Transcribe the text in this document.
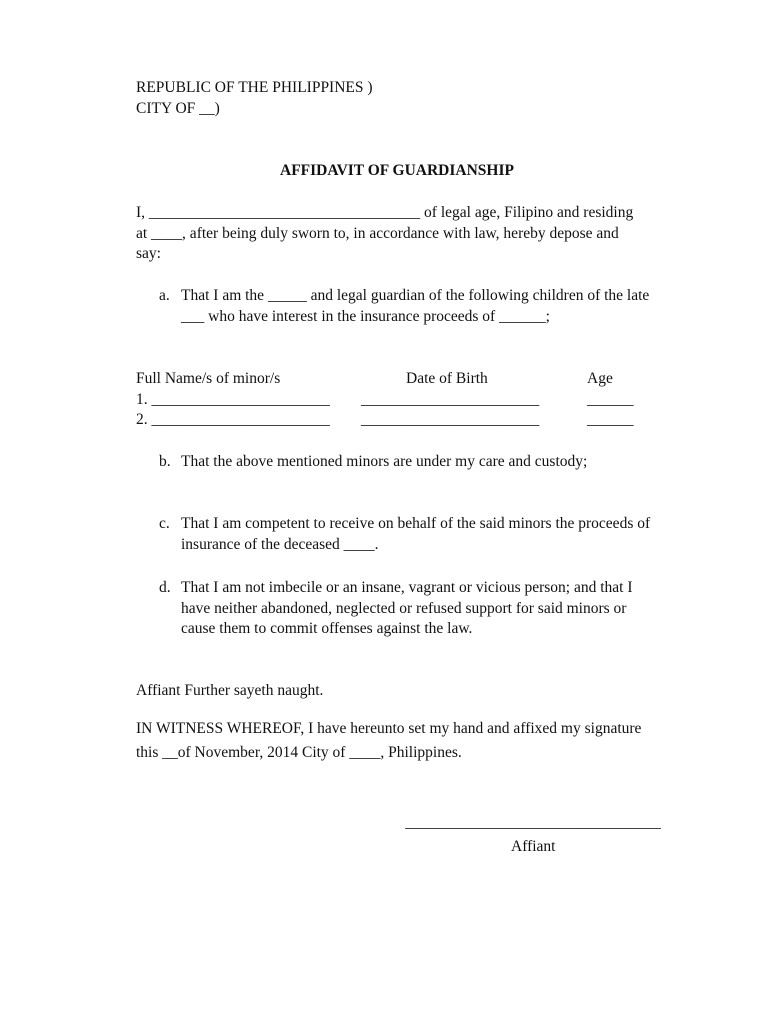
REPUBLIC OF THE PHILIPPINES )
CITY OF __)

AFFIDAVIT OF GUARDIANSHIP

I, ___________________________________ of legal age, Filipino and residing at ____, after being duly sworn to, in accordance with law, hereby depose and say:

a. That I am the _____ and legal guardian of the following children of the late ___ who have interest in the insurance proceeds of ______;
Full Name/s of minor/s	Date of Birth	Age
1. _______________________	_______________________	______
2. _______________________	_______________________	______
b. That the above mentioned minors are under my care and custody;
c. That I am competent to receive on behalf of the said minors the proceeds of insurance of the deceased ____.
d. That I am not imbecile or an insane, vagrant or vicious person; and that I have neither abandoned, neglected or refused support for said minors or cause them to commit offenses against the law.

Affiant Further sayeth naught.

IN WITNESS WHEREOF, I have hereunto set my hand and affixed my signature this __of November, 2014 City of ____, Philippines.

_________________________________
Affiant
